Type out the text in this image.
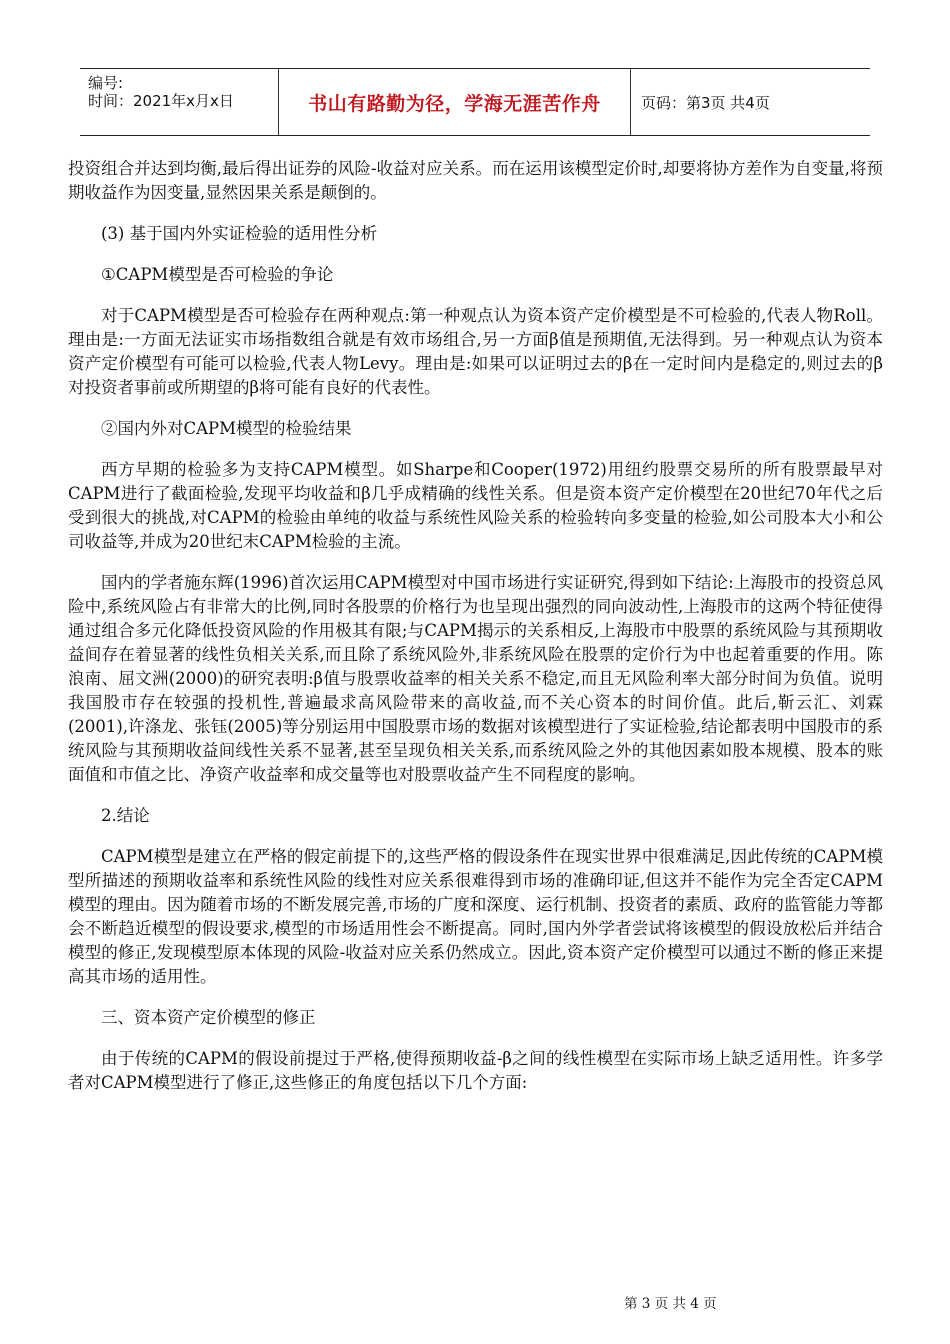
编号:
时间：2021年x月x日	书山有路勤为径，学海无涯苦作舟	页码：第3页 共4页

投资组合并达到均衡,最后得出证券的风险-收益对应关系。而在运用该模型定价时,却要将协方差作为自变量,将预期收益作为因变量,显然因果关系是颠倒的。

(3) 基于国内外实证检验的适用性分析

①CAPM模型是否可检验的争论

对于CAPM模型是否可检验存在两种观点:第一种观点认为资本资产定价模型是不可检验的,代表人物Roll。理由是:一方面无法证实市场指数组合就是有效市场组合,另一方面β值是预期值,无法得到。另一种观点认为资本资产定价模型有可能可以检验,代表人物Levy。理由是:如果可以证明过去的β在一定时间内是稳定的,则过去的β对投资者事前或所期望的β将可能有良好的代表性。

②国内外对CAPM模型的检验结果

西方早期的检验多为支持CAPM模型。如Sharpe和Cooper(1972)用纽约股票交易所的所有股票最早对CAPM进行了截面检验,发现平均收益和β几乎成精确的线性关系。但是资本资产定价模型在20世纪70年代之后受到很大的挑战,对CAPM的检验由单纯的收益与系统性风险关系的检验转向多变量的检验,如公司股本大小和公司收益等,并成为20世纪末CAPM检验的主流。

国内的学者施东辉(1996)首次运用CAPM模型对中国市场进行实证研究,得到如下结论:上海股市的投资总风险中,系统风险占有非常大的比例,同时各股票的价格行为也呈现出强烈的同向波动性,上海股市的这两个特征使得通过组合多元化降低投资风险的作用极其有限;与CAPM揭示的关系相反,上海股市中股票的系统风险与其预期收益间存在着显著的线性负相关关系,而且除了系统风险外,非系统风险在股票的定价行为中也起着重要的作用。陈浪南、屈文洲(2000)的研究表明:β值与股票收益率的相关关系不稳定,而且无风险利率大部分时间为负值。说明我国股市存在较强的投机性,普遍最求高风险带来的高收益,而不关心资本的时间价值。此后,靳云汇、刘霖(2001),许涤龙、张钰(2005)等分别运用中国股票市场的数据对该模型进行了实证检验,结论都表明中国股市的系统风险与其预期收益间线性关系不显著,甚至呈现负相关关系,而系统风险之外的其他因素如股本规模、股本的账面值和市值之比、净资产收益率和成交量等也对股票收益产生不同程度的影响。

2.结论

CAPM模型是建立在严格的假定前提下的,这些严格的假设条件在现实世界中很难满足,因此传统的CAPM模型所描述的预期收益率和系统性风险的线性对应关系很难得到市场的准确印证,但这并不能作为完全否定CAPM模型的理由。因为随着市场的不断发展完善,市场的广度和深度、运行机制、投资者的素质、政府的监管能力等都会不断趋近模型的假设要求,模型的市场适用性会不断提高。同时,国内外学者尝试将该模型的假设放松后并结合模型的修正,发现模型原本体现的风险-收益对应关系仍然成立。因此,资本资产定价模型可以通过不断的修正来提高其市场的适用性。

三、资本资产定价模型的修正

由于传统的CAPM的假设前提过于严格,使得预期收益-β之间的线性模型在实际市场上缺乏适用性。许多学者对CAPM模型进行了修正,这些修正的角度包括以下几个方面:

第 3 页 共 4 页
